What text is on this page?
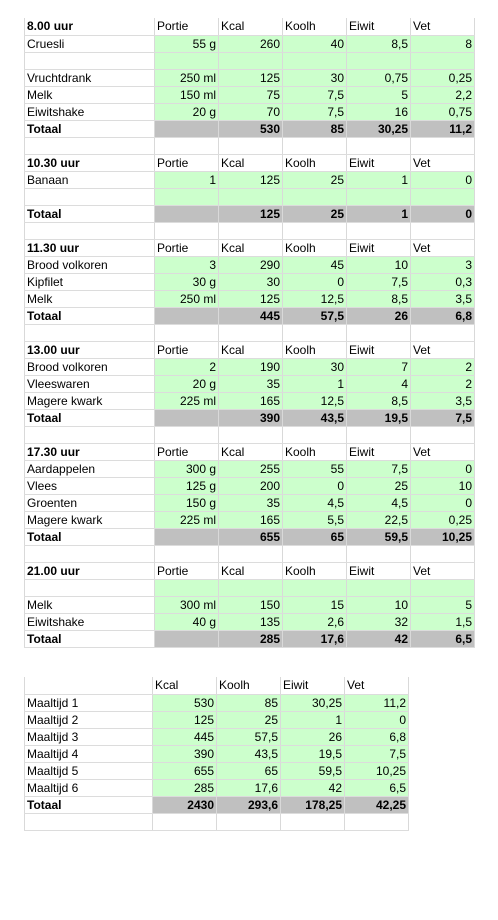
8.00 uur	Portie	Kcal	Koolh	Eiwit	Vet
Cruesli	55 g	260	40	8,5	8

Vruchtdrank	250 ml	125	30	0,75	0,25
Melk	150 ml	75	7,5	5	2,2
Eiwitshake	20 g	70	7,5	16	0,75
Totaal		530	85	30,25	11,2

10.30 uur	Portie	Kcal	Koolh	Eiwit	Vet
Banaan	1	125	25	1	0

Totaal		125	25	1	0

11.30 uur	Portie	Kcal	Koolh	Eiwit	Vet
Brood volkoren	3	290	45	10	3
Kipfilet	30 g	30	0	7,5	0,3
Melk	250 ml	125	12,5	8,5	3,5
Totaal		445	57,5	26	6,8

13.00 uur	Portie	Kcal	Koolh	Eiwit	Vet
Brood volkoren	2	190	30	7	2
Vleeswaren	20 g	35	1	4	2
Magere kwark	225 ml	165	12,5	8,5	3,5
Totaal		390	43,5	19,5	7,5

17.30 uur	Portie	Kcal	Koolh	Eiwit	Vet
Aardappelen	300 g	255	55	7,5	0
Vlees	125 g	200	0	25	10
Groenten	150 g	35	4,5	4,5	0
Magere kwark	225 ml	165	5,5	22,5	0,25
Totaal		655	65	59,5	10,25

21.00 uur	Portie	Kcal	Koolh	Eiwit	Vet

Melk	300 ml	150	15	10	5
Eiwitshake	40 g	135	2,6	32	1,5
Totaal		285	17,6	42	6,5
	Kcal	Koolh	Eiwit	Vet
Maaltijd 1	530	85	30,25	11,2
Maaltijd 2	125	25	1	0
Maaltijd 3	445	57,5	26	6,8
Maaltijd 4	390	43,5	19,5	7,5
Maaltijd 5	655	65	59,5	10,25
Maaltijd 6	285	17,6	42	6,5
Totaal	2430	293,6	178,25	42,25
